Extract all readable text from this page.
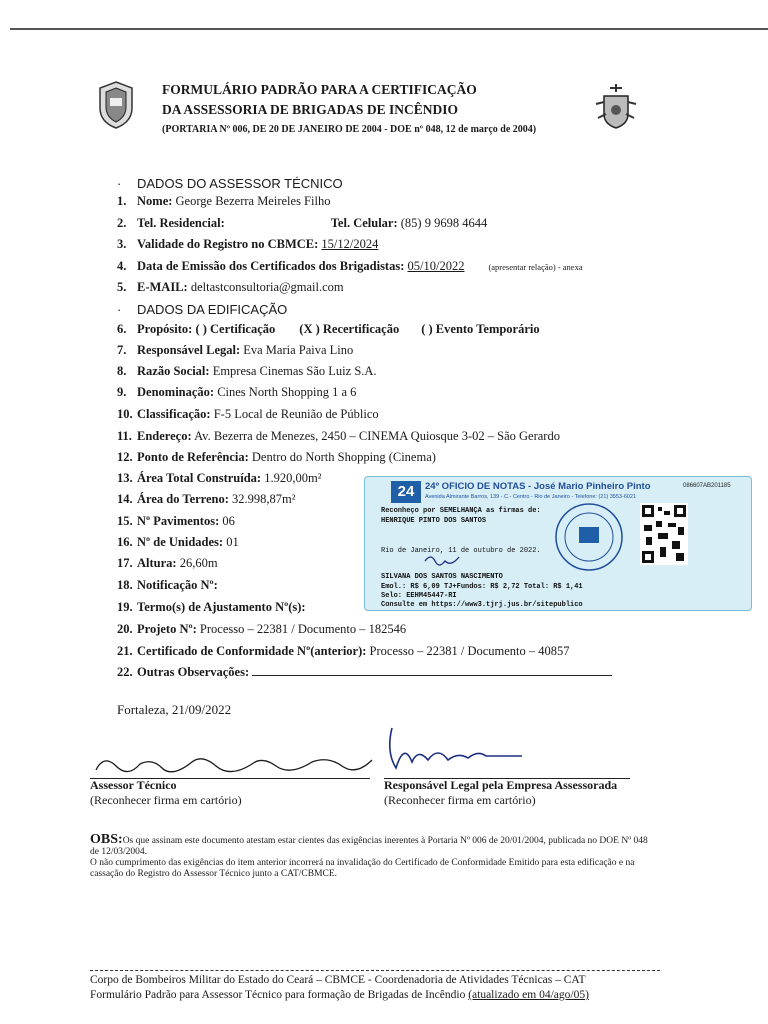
FORMULÁRIO PADRÃO PARA A CERTIFICAÇÃO
DA ASSESSORIA DE BRIGADAS DE INCÊNDIO
(PORTARIA Nº 006, DE 20 DE JANEIRO DE 2004 - DOE nº 048, 12 de março de 2004)
· DADOS DO ASSESSOR TÉCNICO
1. Nome: George Bezerra Meireles Filho
2. Tel. Residencial:	Tel. Celular: (85) 9 9698 4644
3. Validade do Registro no CBMCE: 15/12/2024
4. Data de Emissão dos Certificados dos Brigadistas: 05/10/2022	(apresentar relação) - anexa
5. E-MAIL: deltastconsultoria@gmail.com
· DADOS DA EDIFICAÇÃO
6. Propósito: ( ) Certificação (X ) Recertificação ( ) Evento Temporário
7. Responsável Legal: Eva Maria Paiva Lino
8. Razão Social: Empresa Cinemas São Luiz S.A.
9. Denominação: Cines North Shopping 1 a 6
10. Classificação: F-5 Local de Reunião de Público
11. Endereço: Av. Bezerra de Menezes, 2450 – CINEMA Quiosque 3-02 – São Gerardo
12. Ponto de Referência: Dentro do North Shopping (Cinema)
13. Área Total Construída: 1.920,00m²
14. Área do Terreno: 32.998,87m²
15. Nº Pavimentos: 06
16. Nº de Unidades: 01
17. Altura: 26,60m
18. Notificação Nº:
19. Termo(s) de Ajustamento Nº(s):
20. Projeto Nº: Processo – 22381 / Documento – 182546
21. Certificado de Conformidade Nº(anterior): Processo – 22381 / Documento – 40857
22. Outras Observações:
24	24º OFICIO DE NOTAS - José Mario Pinheiro Pinto	086607AB201185
Avenida Almirante Barros, 139 - C - Centro - Rio de Janeiro - Telefone: (21) 3553-6021
Reconheço por SEMELHANÇA as firmas de:
HENRIQUE PINTO DOS SANTOS
Rio de Janeiro, 11 de outubro de 2022.
SILVANA DOS SANTOS NASCIMENTO
Emol.: R$ 6,09 TJ+Fundos: R$ 2,72 Total: R$ 1,41
Selo: EEHM45447-RI
Consulte em https://www3.tjrj.jus.br/sitepublico
Fortaleza, 21/09/2022
Assessor Técnico
(Reconhecer firma em cartório)
Responsável Legal pela Empresa Assessorada
(Reconhecer firma em cartório)
OBS:Os que assinam este documento atestam estar cientes das exigências inerentes à Portaria Nº 006 de 20/01/2004, publicada no DOE Nº 048 de 12/03/2004.
O não cumprimento das exigências do item anterior incorrerá na invalidação do Certificado de Conformidade Emitido para esta edificação e na cassação do Registro do Assessor Técnico junto a CAT/CBMCE.
Corpo de Bombeiros Militar do Estado do Ceará – CBMCE - Coordenadoria de Atividades Técnicas – CAT
Formulário Padrão para Assessor Técnico para formação de Brigadas de Incêndio (atualizado em 04/ago/05)
